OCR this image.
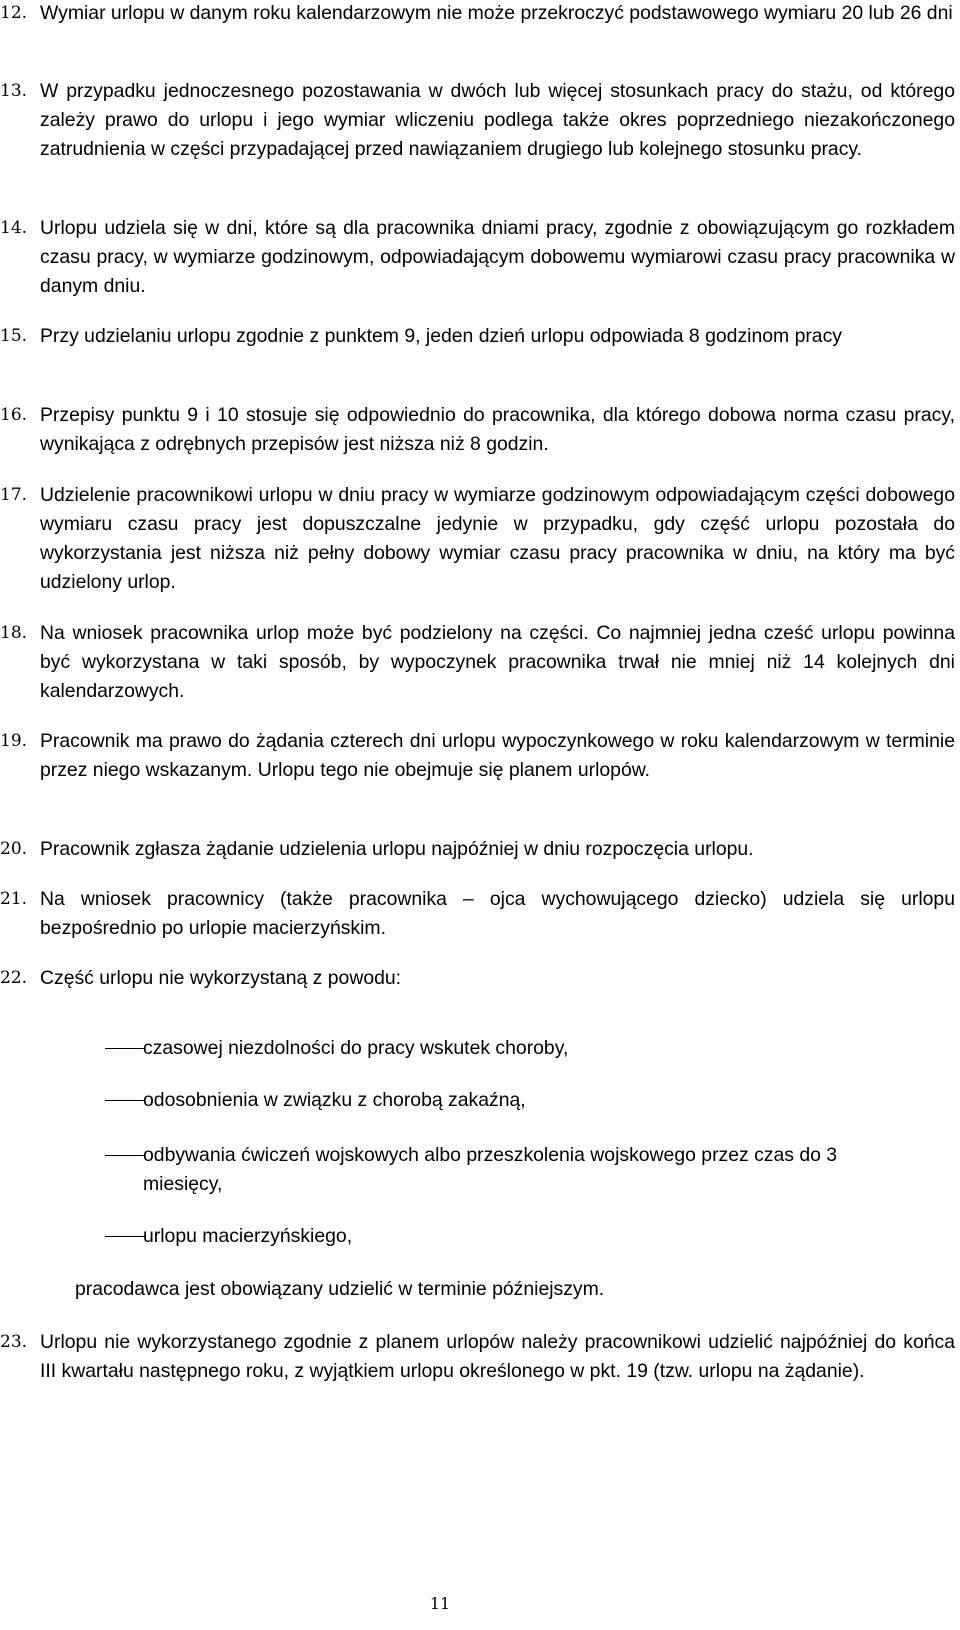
12. Wymiar urlopu w danym roku kalendarzowym nie może przekroczyć podstawowego wymiaru 20 lub 26 dni
13. W przypadku jednoczesnego pozostawania w dwóch lub więcej stosunkach pracy do stażu, od którego zależy prawo do urlopu i jego wymiar wliczeniu podlega także okres poprzedniego niezakończonego zatrudnienia w części przypadającej przed nawiązaniem drugiego lub kolejnego stosunku pracy.
14. Urlopu udziela się w dni, które są dla pracownika dniami pracy, zgodnie z obowiązującym go rozkładem czasu pracy, w wymiarze godzinowym, odpowiadającym dobowemu wymiarowi czasu pracy pracownika w danym dniu.
15. Przy udzielaniu urlopu zgodnie z punktem 9, jeden dzień urlopu odpowiada 8 godzinom pracy
16. Przepisy punktu 9 i 10 stosuje się odpowiednio do pracownika, dla którego dobowa norma czasu pracy, wynikająca z odrębnych przepisów jest niższa niż 8 godzin.
17. Udzielenie pracownikowi urlopu w dniu pracy w wymiarze godzinowym odpowiadającym części dobowego wymiaru czasu pracy jest dopuszczalne jedynie w przypadku, gdy część urlopu pozostała do wykorzystania jest niższa niż pełny dobowy wymiar czasu pracy pracownika w dniu, na który ma być udzielony urlop.
18. Na wniosek pracownika urlop może być podzielony na części. Co najmniej jedna cześć urlopu powinna być wykorzystana w taki sposób, by wypoczynek pracownika trwał nie mniej niż 14 kolejnych dni kalendarzowych.
19. Pracownik ma prawo do żądania czterech dni urlopu wypoczynkowego w roku kalendarzowym w terminie przez niego wskazanym. Urlopu tego nie obejmuje się planem urlopów.
20. Pracownik zgłasza żądanie udzielenia urlopu najpóźniej w dniu rozpoczęcia urlopu.
21. Na wniosek pracownicy (także pracownika – ojca wychowującego dziecko) udziela się urlopu bezpośrednio po urlopie macierzyńskim.
22. Część urlopu nie wykorzystaną z powodu:
czasowej niezdolności do pracy wskutek choroby,
odosobnienia w związku z chorobą zakaźną,
odbywania ćwiczeń wojskowych albo przeszkolenia wojskowego przez czas do 3 miesięcy,
urlopu macierzyńskiego,
pracodawca jest obowiązany udzielić w terminie późniejszym.
23. Urlopu nie wykorzystanego zgodnie z planem urlopów należy pracownikowi udzielić najpóźniej do końca III kwartału następnego roku, z wyjątkiem urlopu określonego w pkt. 19 (tzw. urlopu na żądanie).
11
